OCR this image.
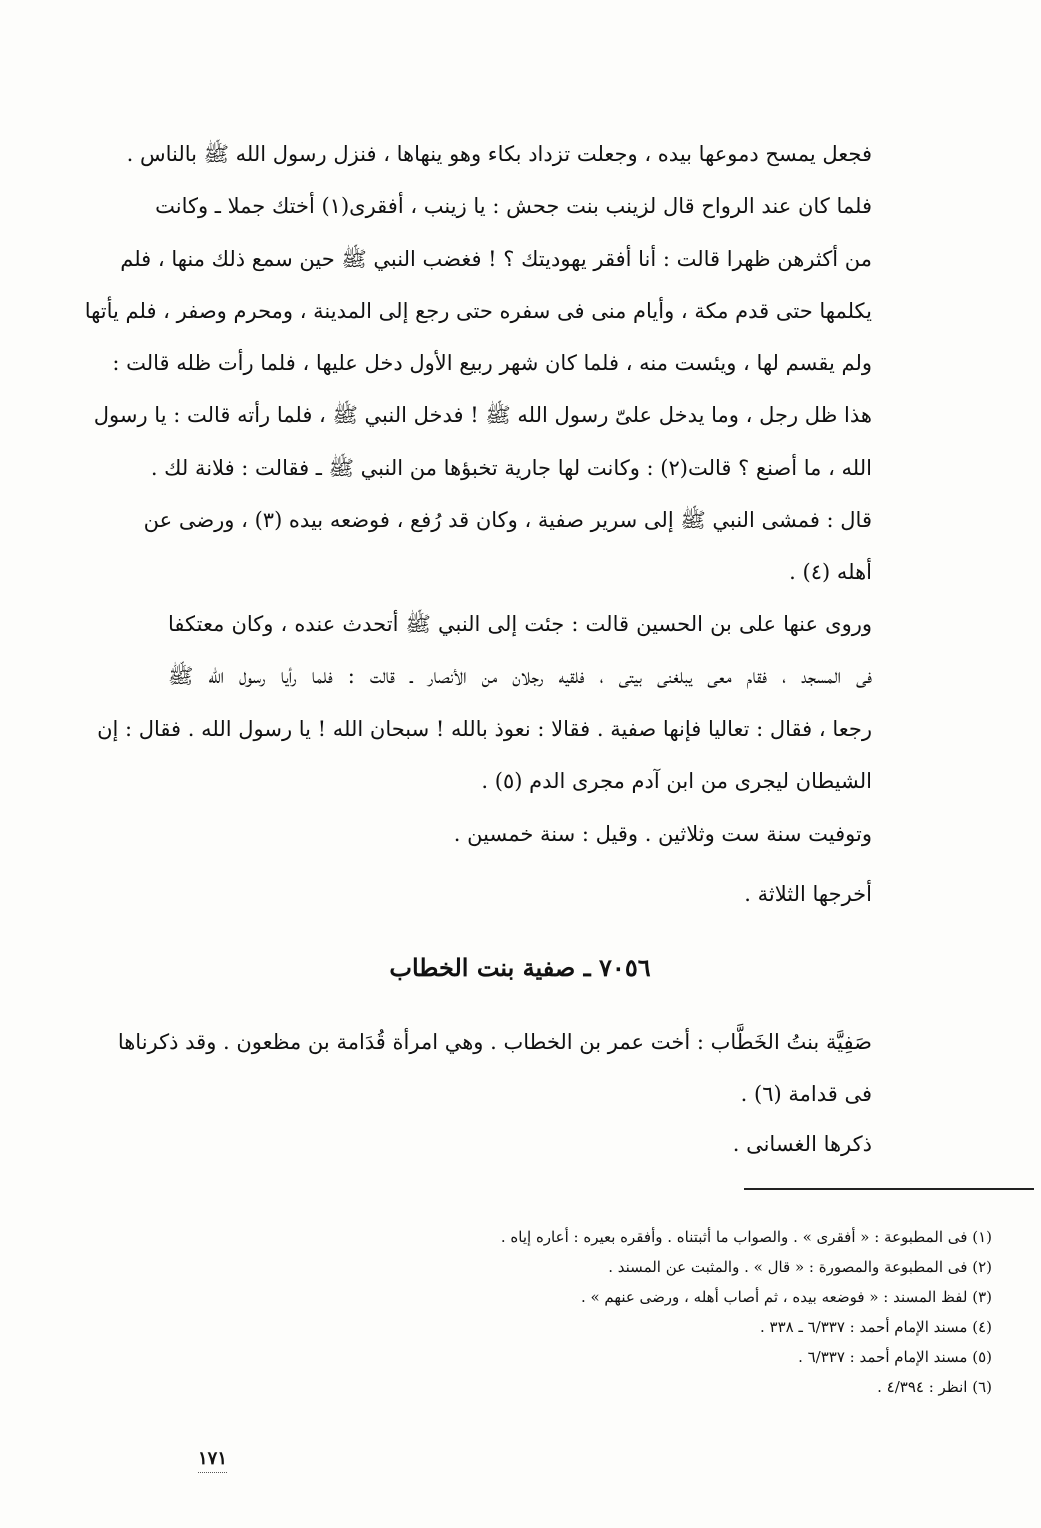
فجعل يمسح دموعها بيده ، وجعلت تزداد بكاء وهو ينهاها ، فنزل رسول الله ﷺ بالناس .
فلما كان عند الرواح قال لزينب بنت جحش : يا زينب ، أفقرى(١) أختك جملا ـ وكانت
من أكثرهن ظهرا قالت : أنا أفقر يهوديتك ؟ ! فغضب النبي ﷺ حين سمع ذلك منها ، فلم
يكلمها حتى قدم مكة ، وأيام منى فى سفره حتى رجع إلى المدينة ، ومحرم وصفر ، فلم يأتها
ولم يقسم لها ، ويئست منه ، فلما كان شهر ربيع الأول دخل عليها ، فلما رأت ظله قالت :
هذا ظل رجل ، وما يدخل علىّ رسول الله ﷺ ! فدخل النبي ﷺ ، فلما رأته قالت : يا رسول
الله ، ما أصنع ؟ قالت(٢) : وكانت لها جارية تخبؤها من النبي ﷺ ـ فقالت : فلانة لك .
قال : فمشى النبي ﷺ إلى سرير صفية ، وكان قد رُفع ، فوضعه بيده (٣) ، ورضى عن
أهله (٤) .
وروى عنها على بن الحسين قالت : جئت إلى النبي ﷺ أتحدث عنده ، وكان معتكفا
فى المسجد ، فقام معى يبلغنى بيتى ، فلقيه رجلان من الأنصار ـ قالت : فلما رأيا رسول الله ﷺ
رجعا ، فقال : تعاليا فإنها صفية . فقالا : نعوذ بالله ! سبحان الله ! يا رسول الله . فقال : إن
الشيطان ليجرى من ابن آدم مجرى الدم (٥) .
وتوفيت سنة ست وثلاثين . وقيل : سنة خمسين .
أخرجها الثلاثة .
٧٠٥٦ ـ صفية بنت الخطاب
صَفِيَّة بنتُ الخَطَّاب : أخت عمر بن الخطاب . وهي امرأة قُدَامة بن مظعون . وقد ذكرناها
فى قدامة (٦) .
ذكرها الغسانى .
(١) فى المطبوعة : « أفقرى » . والصواب ما أثبتناه . وأفقره بعيره : أعاره إياه .
(٢) فى المطبوعة والمصورة : « قال » . والمثبت عن المسند .
(٣) لفظ المسند : « فوضعه بيده ، ثم أصاب أهله ، ورضى عنهم » .
(٤) مسند الإمام أحمد : ٦/٣٣٧ ـ ٣٣٨ .
(٥) مسند الإمام أحمد : ٦/٣٣٧ .
(٦) انظر : ٤/٣٩٤ .
١٧١
